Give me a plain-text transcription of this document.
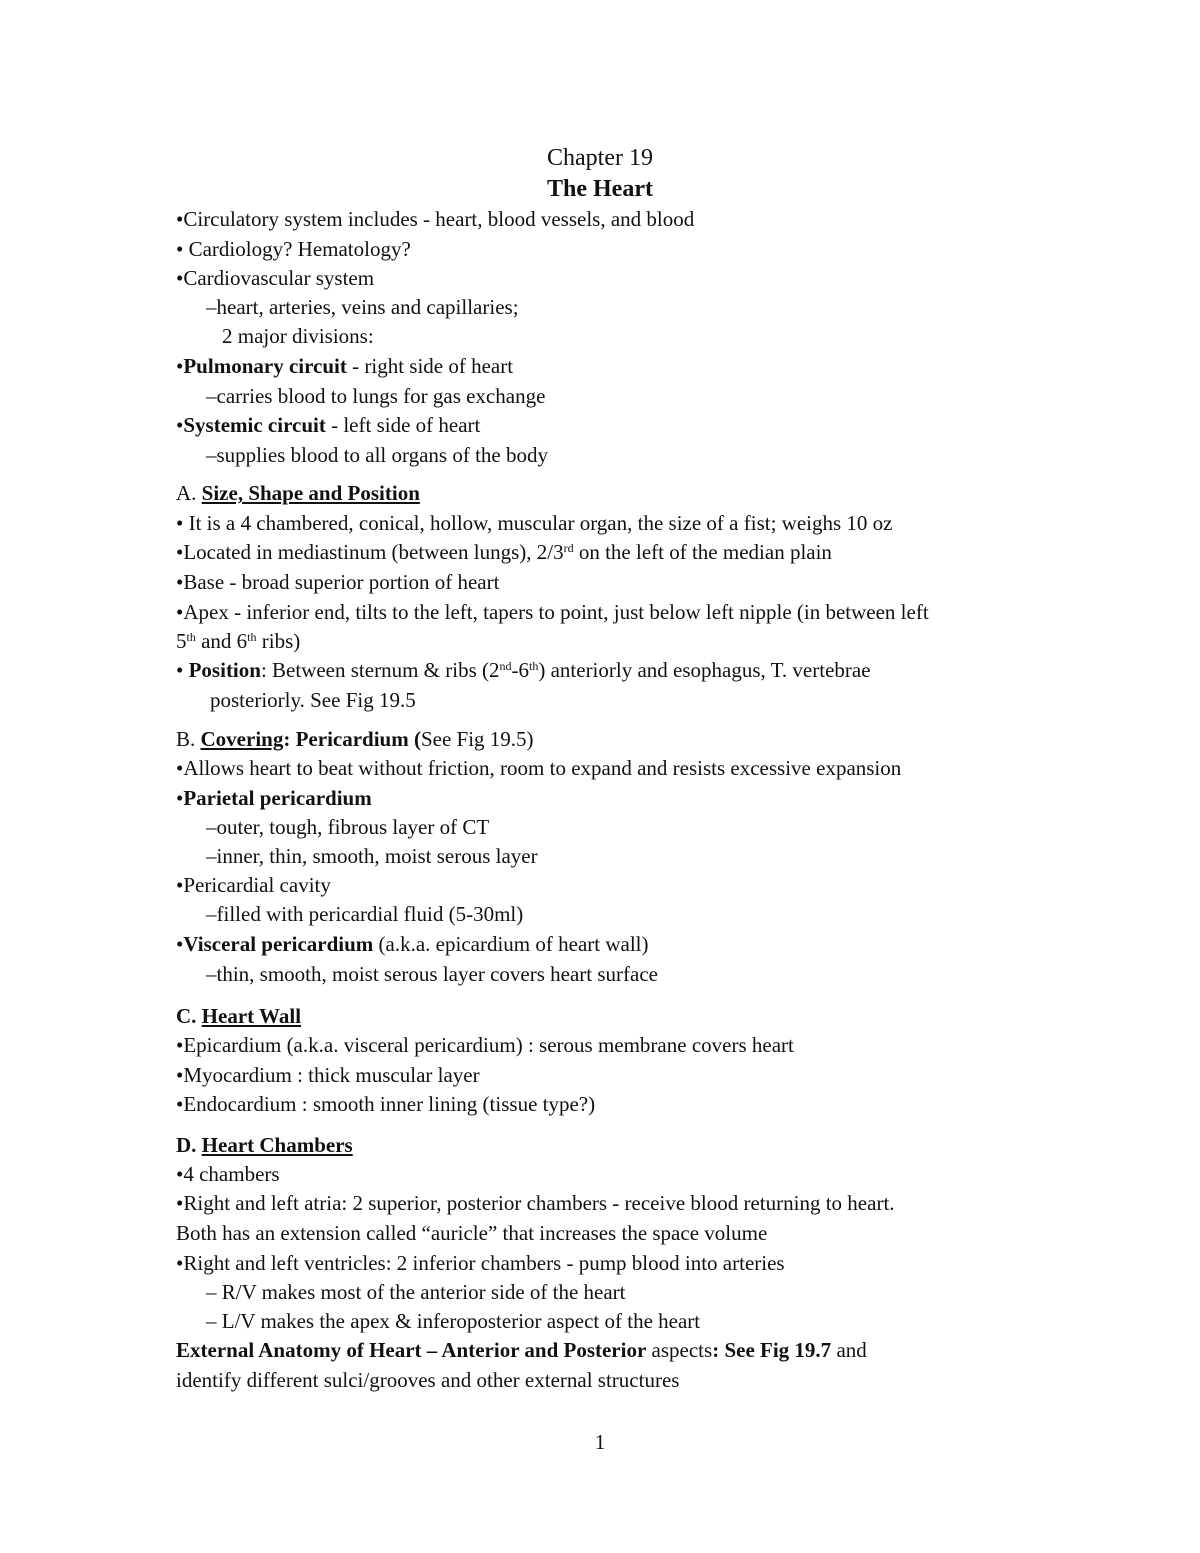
Chapter 19
The Heart
•Circulatory system includes - heart, blood vessels, and blood
• Cardiology? Hematology?
•Cardiovascular system
–heart, arteries, veins and capillaries;
2 major divisions:
•Pulmonary circuit - right side of heart
–carries blood to lungs for gas exchange
•Systemic circuit - left side of heart
–supplies blood to all organs of the body
A. Size, Shape and Position
• It is a 4 chambered, conical, hollow, muscular organ, the size of a fist; weighs 10 oz
•Located in mediastinum (between lungs), 2/3rd on the left of the median plain
•Base - broad superior portion of heart
•Apex - inferior end, tilts to the left, tapers to point, just below left nipple (in between left
5th and 6th ribs)
• Position: Between sternum & ribs (2nd-6th) anteriorly and esophagus, T. vertebrae
posteriorly. See Fig 19.5
B. Covering: Pericardium (See Fig 19.5)
•Allows heart to beat without friction, room to expand and resists excessive expansion
•Parietal pericardium
–outer, tough, fibrous layer of CT
–inner, thin, smooth, moist serous layer
•Pericardial cavity
–filled with pericardial fluid (5-30ml)
•Visceral pericardium (a.k.a. epicardium of heart wall)
–thin, smooth, moist serous layer covers heart surface
C. Heart Wall
•Epicardium (a.k.a. visceral pericardium) : serous membrane covers heart
•Myocardium : thick muscular layer
•Endocardium : smooth inner lining (tissue type?)
D. Heart Chambers
•4 chambers
•Right and left atria: 2 superior, posterior chambers - receive blood returning to heart.
Both has an extension called “auricle” that increases the space volume
•Right and left ventricles: 2 inferior chambers - pump blood into arteries
– R/V makes most of the anterior side of the heart
– L/V makes the apex & inferoposterior aspect of the heart
External Anatomy of Heart – Anterior and Posterior aspects: See Fig 19.7 and
identify different sulci/grooves and other external structures
1
